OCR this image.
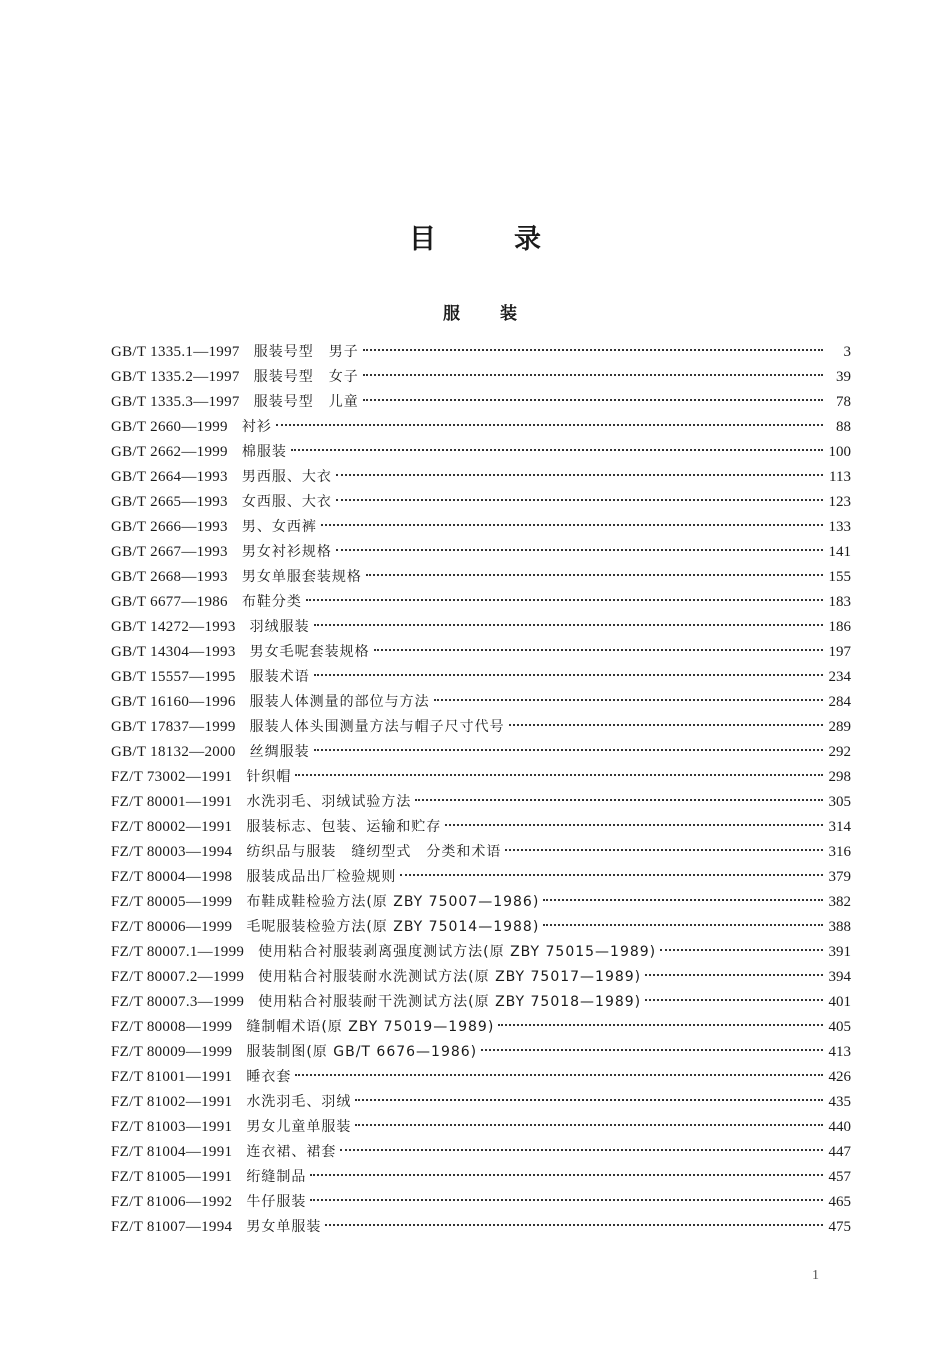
目录
服装
GB/T 1335.1—1997 服装号型　男子	3
GB/T 1335.2—1997 服装号型　女子	39
GB/T 1335.3—1997 服装号型　儿童	78
GB/T 2660—1999 衬衫	88
GB/T 2662—1999 棉服装	100
GB/T 2664—1993 男西服、大衣	113
GB/T 2665—1993 女西服、大衣	123
GB/T 2666—1993 男、女西裤	133
GB/T 2667—1993 男女衬衫规格	141
GB/T 2668—1993 男女单服套装规格	155
GB/T 6677—1986 布鞋分类	183
GB/T 14272—1993 羽绒服装	186
GB/T 14304—1993 男女毛呢套装规格	197
GB/T 15557—1995 服装术语	234
GB/T 16160—1996 服装人体测量的部位与方法	284
GB/T 17837—1999 服装人体头围测量方法与帽子尺寸代号	289
GB/T 18132—2000 丝绸服装	292
FZ/T 73002—1991 针织帽	298
FZ/T 80001—1991 水洗羽毛、羽绒试验方法	305
FZ/T 80002—1991 服装标志、包装、运输和贮存	314
FZ/T 80003—1994 纺织品与服装　缝纫型式　分类和术语	316
FZ/T 80004—1998 服装成品出厂检验规则	379
FZ/T 80005—1999 布鞋成鞋检验方法(原 ZBY 75007—1986)	382
FZ/T 80006—1999 毛呢服装检验方法(原 ZBY 75014—1988)	388
FZ/T 80007.1—1999 使用粘合衬服装剥离强度测试方法(原 ZBY 75015—1989)	391
FZ/T 80007.2—1999 使用粘合衬服装耐水洗测试方法(原 ZBY 75017—1989)	394
FZ/T 80007.3—1999 使用粘合衬服装耐干洗测试方法(原 ZBY 75018—1989)	401
FZ/T 80008—1999 缝制帽术语(原 ZBY 75019—1989)	405
FZ/T 80009—1999 服装制图(原 GB/T 6676—1986)	413
FZ/T 81001—1991 睡衣套	426
FZ/T 81002—1991 水洗羽毛、羽绒	435
FZ/T 81003—1991 男女儿童单服装	440
FZ/T 81004—1991 连衣裙、裙套	447
FZ/T 81005—1991 绗缝制品	457
FZ/T 81006—1992 牛仔服装	465
FZ/T 81007—1994 男女单服装	475
1
